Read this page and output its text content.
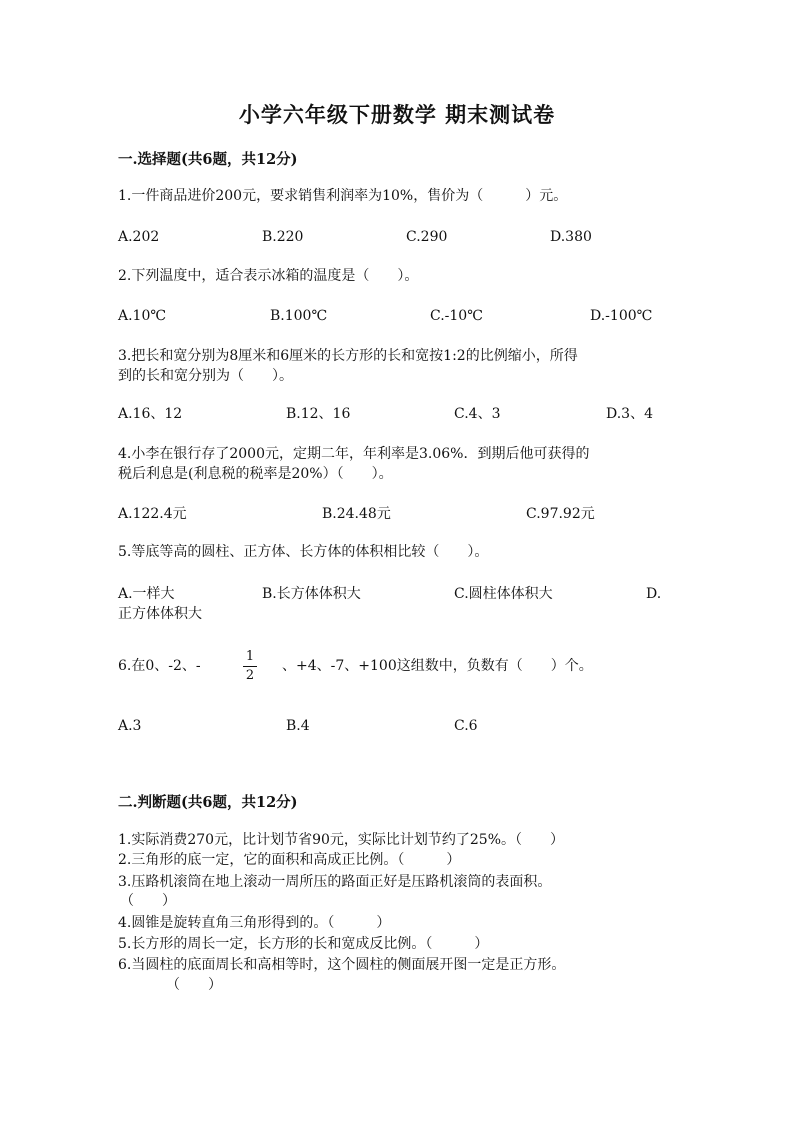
小学六年级下册数学 期末测试卷
一.选择题(共6题，共12分)
1.一件商品进价200元，要求销售利润率为10%，售价为（　　　）元。
A.202	B.220	C.290	D.380
2.下列温度中，适合表示冰箱的温度是（　　）。
A.10℃	B.100℃	C.-10℃	D.-100℃
3.把长和宽分别为8厘米和6厘米的长方形的长和宽按1:2的比例缩小，所得
到的长和宽分别为（　　）。
A.16、12	B.12、16	C.4、3	D.3、4
4.小李在银行存了2000元，定期二年，年利率是3.06%．到期后他可获得的
税后利息是(利息税的税率是20%）（　　）。
A.122.4元	B.24.48元	C.97.92元
5.等底等高的圆柱、正方体、长方体的体积相比较（　　）。
A.一样大	B.长方体体积大	C.圆柱体体积大	D.
正方体体积大
6.在0、-2、-
1
2
、+4、-7、+100这组数中，负数有（　　）个。
A.3	B.4	C.6
二.判断题(共6题，共12分)
1.实际消费270元，比计划节省90元，实际比计划节约了25%。（　　）
2.三角形的底一定，它的面积和高成正比例。（　　　）
3.压路机滚筒在地上滚动一周所压的路面正好是压路机滚筒的表面积。
（　　）
4.圆锥是旋转直角三角形得到的。（　　　）
5.长方形的周长一定，长方形的长和宽成反比例。（　　　）
6.当圆柱的底面周长和高相等时，这个圆柱的侧面展开图一定是正方形。
（　　）
